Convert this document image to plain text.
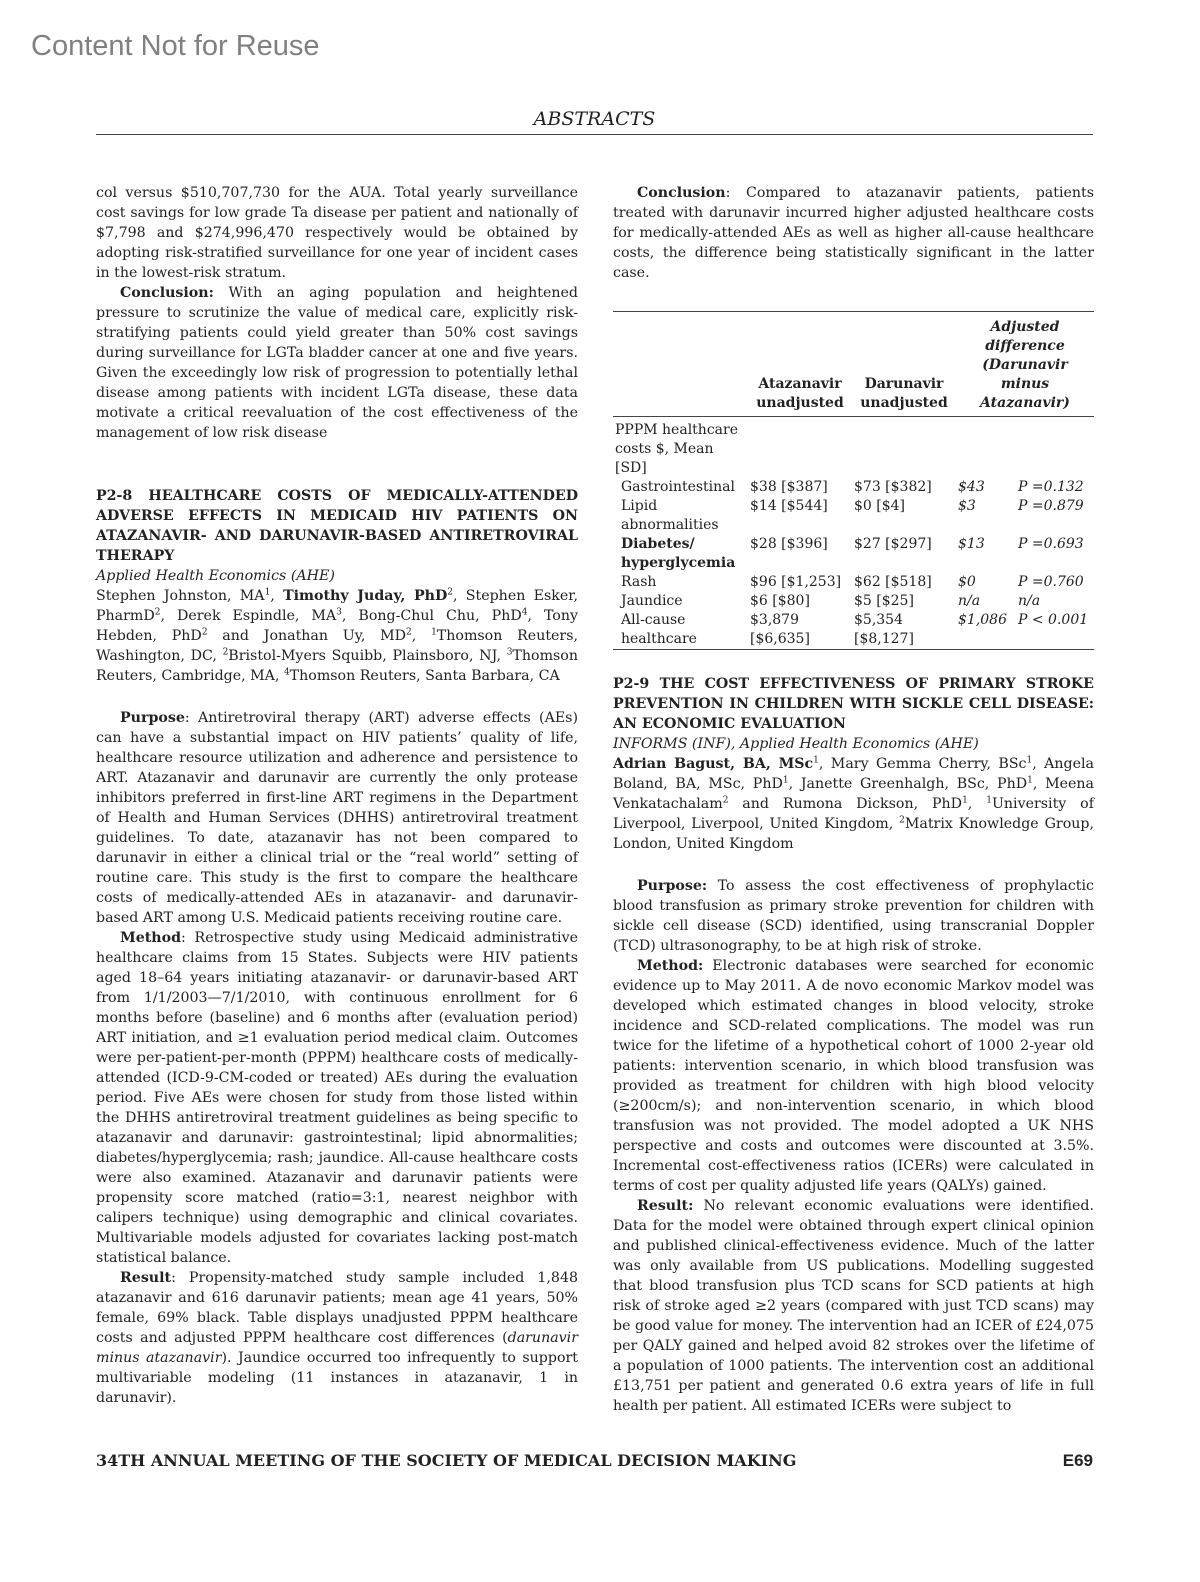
Content Not for Reuse
ABSTRACTS

col versus $510,707,730 for the AUA. Total yearly surveillance cost savings for low grade Ta disease per patient and nationally of $7,798 and $274,996,470 respectively would be obtained by adopting risk-stratified surveillance for one year of incident cases in the lowest-risk stratum.

Conclusion: With an aging population and heightened pressure to scrutinize the value of medical care, explicitly risk-stratifying patients could yield greater than 50% cost savings during surveillance for LGTa bladder cancer at one and five years. Given the exceedingly low risk of progression to potentially lethal disease among patients with incident LGTa disease, these data motivate a critical reevaluation of the cost effectiveness of the management of low risk disease

P2-8 HEALTHCARE COSTS OF MEDICALLY-ATTENDED ADVERSE EFFECTS IN MEDICAID HIV PATIENTS ON ATAZANAVIR- AND DARUNAVIR-BASED ANTIRETROVIRAL THERAPY

Applied Health Economics (AHE)

Stephen Johnston, $MA^1$, Timothy Juday, PhD$^2$, Stephen Esker, PharmD$^2$, Derek Espindle, $MA^3$, Bong-Chul Chu, PhD$^4$, Tony Hebden, PhD$^2$ and Jonathan Uy, $MD^2$, $^1$Thomson Reuters, Washington, DC, $^2$Bristol-Myers Squibb, Plainsboro, NJ, $^3$Thomson Reuters, Cambridge, MA, $^4$Thomson Reuters, Santa Barbara, CA

Purpose: Antiretroviral therapy (ART) adverse effects (AEs) can have a substantial impact on HIV patients’ quality of life, healthcare resource utilization and adherence and persistence to ART. Atazanavir and darunavir are currently the only protease inhibitors preferred in first-line ART regimens in the Department of Health and Human Services (DHHS) antiretroviral treatment guidelines. To date, atazanavir has not been compared to darunavir in either a clinical trial or the “real world” setting of routine care. This study is the first to compare the healthcare costs of medically-attended AEs in atazanavir- and darunavir-based ART among U.S. Medicaid patients receiving routine care.

Method: Retrospective study using Medicaid administrative healthcare claims from 15 States. Subjects were HIV patients aged 18–64 years initiating atazanavir- or darunavir-based ART from 1/1/2003—7/1/2010, with continuous enrollment for 6 months before (baseline) and 6 months after (evaluation period) ART initiation, and ≥1 evaluation period medical claim. Outcomes were per-patient-per-month (PPPM) healthcare costs of medically-attended (ICD-9-CM-coded or treated) AEs during the evaluation period. Five AEs were chosen for study from those listed within the DHHS antiretroviral treatment guidelines as being specific to atazanavir and darunavir: gastrointestinal; lipid abnormalities; diabetes/hyperglycemia; rash; jaundice. All-cause healthcare costs were also examined. Atazanavir and darunavir patients were propensity score matched (ratio=3:1, nearest neighbor with calipers technique) using demographic and clinical covariates. Multivariable models adjusted for covariates lacking post-match statistical balance.

Result: Propensity-matched study sample included 1,848 atazanavir and 616 darunavir patients; mean age 41 years, 50% female, 69% black. Table displays unadjusted PPPM healthcare costs and adjusted PPPM healthcare cost differences (darunavir minus atazanavir). Jaundice occurred too infrequently to support multivariable modeling (11 instances in atazanavir, 1 in darunavir).

Conclusion: Compared to atazanavir patients, patients treated with darunavir incurred higher adjusted healthcare costs for medically-attended AEs as well as higher all-cause healthcare costs, the difference being statistically significant in the latter case.

	Atazanavir unadjusted	Darunavir unadjusted	Adjusted difference (Darunavir minus Atazanavir)	
PPPM healthcare costs $, Mean [SD]				
Gastrointestinal	$38 [$387]	$73 [$382]	$43	P =0.132
Lipid abnormalities	$14 [$544]	$0 [$4]	$3	P =0.879
Diabetes/ hyperglycemia	$28 [$396]	$27 [$297]	$13	P =0.693
Rash	$96 [$1,253]	$62 [$518]	$0	P =0.760
Jaundice	$6 [$80]	$5 [$25]	n/a	n/a
All-cause healthcare	$3,879 [$6,635]	$5,354 [$8,127]	$1,086	P < 0.001

P2-9 THE COST EFFECTIVENESS OF PRIMARY STROKE PREVENTION IN CHILDREN WITH SICKLE CELL DISEASE: AN ECONOMIC EVALUATION

INFORMS (INF), Applied Health Economics (AHE)

Adrian Bagust, BA, MSc$^1$, Mary Gemma Cherry, BSc$^1$, Angela Boland, BA, MSc, PhD$^1$, Janette Greenhalgh, BSc, PhD$^1$, Meena Venkatachalam$^2$ and Rumona Dickson, PhD$^1$, $^1$University of Liverpool, Liverpool, United Kingdom, $^2$Matrix Knowledge Group, London, United Kingdom

Purpose: To assess the cost effectiveness of prophylactic blood transfusion as primary stroke prevention for children with sickle cell disease (SCD) identified, using transcranial Doppler (TCD) ultrasonography, to be at high risk of stroke.

Method: Electronic databases were searched for economic evidence up to May 2011. A de novo economic Markov model was developed which estimated changes in blood velocity, stroke incidence and SCD-related complications. The model was run twice for the lifetime of a hypothetical cohort of 1000 2-year old patients: intervention scenario, in which blood transfusion was provided as treatment for children with high blood velocity (≥200cm/s); and non-intervention scenario, in which blood transfusion was not provided. The model adopted a UK NHS perspective and costs and outcomes were discounted at 3.5%. Incremental cost-effectiveness ratios (ICERs) were calculated in terms of cost per quality adjusted life years (QALYs) gained.

Result: No relevant economic evaluations were identified. Data for the model were obtained through expert clinical opinion and published clinical-effectiveness evidence. Much of the latter was only available from US publications. Modelling suggested that blood transfusion plus TCD scans for SCD patients at high risk of stroke aged ≥2 years (compared with just TCD scans) may be good value for money. The intervention had an ICER of £24,075 per QALY gained and helped avoid 82 strokes over the lifetime of a population of 1000 patients. The intervention cost an additional £13,751 per patient and generated 0.6 extra years of life in full health per patient. All estimated ICERs were subject to

34TH ANNUAL MEETING OF THE SOCIETY OF MEDICAL DECISION MAKING	E69
